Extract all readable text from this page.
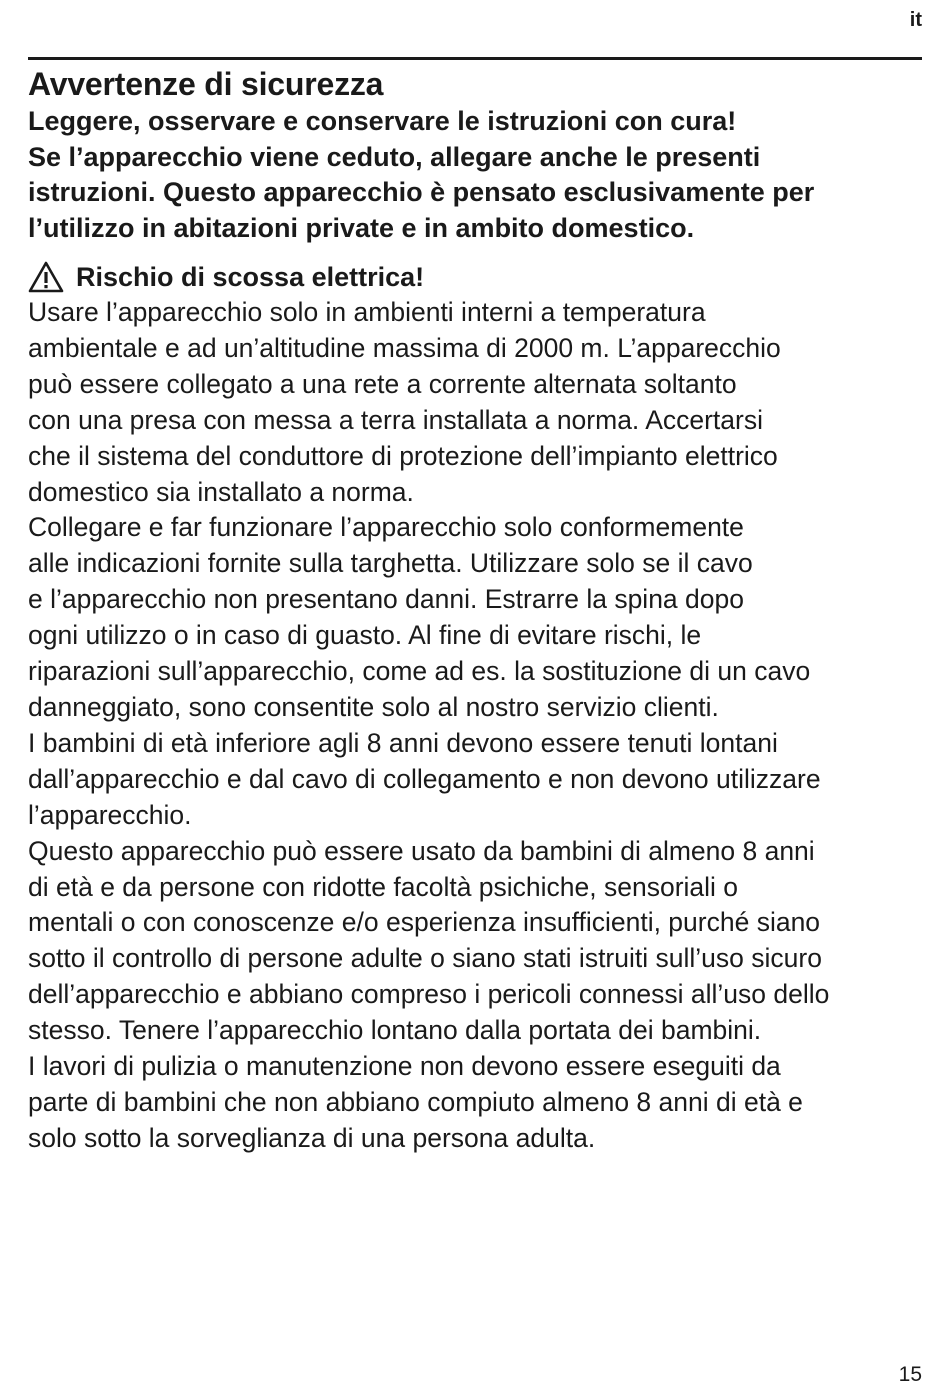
it
Avvertenze di sicurezza

Leggere, osservare e conservare le istruzioni con cura!
Se l’apparecchio viene ceduto, allegare anche le presenti
istruzioni. Questo apparecchio è pensato esclusivamente per
l’utilizzo in abitazioni private e in ambito domestico.

Rischio di scossa elettrica!

Usare l’apparecchio solo in ambienti interni a temperatura
ambientale e ad un’altitudine massima di 2000 m. L’apparecchio
può essere collegato a una rete a corrente alternata soltanto
con una presa con messa a terra installata a norma. Accertarsi
che il sistema del conduttore di protezione dell’impianto elettrico
domestico sia installato a norma.

Collegare e far funzionare l’apparecchio solo conformemente
alle indicazioni fornite sulla targhetta. Utilizzare solo se il cavo
e l’apparecchio non presentano danni. Estrarre la spina dopo
ogni utilizzo o in caso di guasto. Al fine di evitare rischi, le
riparazioni sull’apparecchio, come ad es. la sostituzione di un cavo
danneggiato, sono consentite solo al nostro servizio clienti.

I bambini di età inferiore agli 8 anni devono essere tenuti lontani
dall’apparecchio e dal cavo di collegamento e non devono utilizzare
l’apparecchio.

Questo apparecchio può essere usato da bambini di almeno 8 anni
di età e da persone con ridotte facoltà psichiche, sensoriali o
mentali o con conoscenze e/o esperienza insufficienti, purché siano
sotto il controllo di persone adulte o siano stati istruiti sull’uso sicuro
dell’apparecchio e abbiano compreso i pericoli connessi all’uso dello
stesso. Tenere l’apparecchio lontano dalla portata dei bambini.

I lavori di pulizia o manutenzione non devono essere eseguiti da
parte di bambini che non abbiano compiuto almeno 8 anni di età e
solo sotto la sorveglianza di una persona adulta.

15
